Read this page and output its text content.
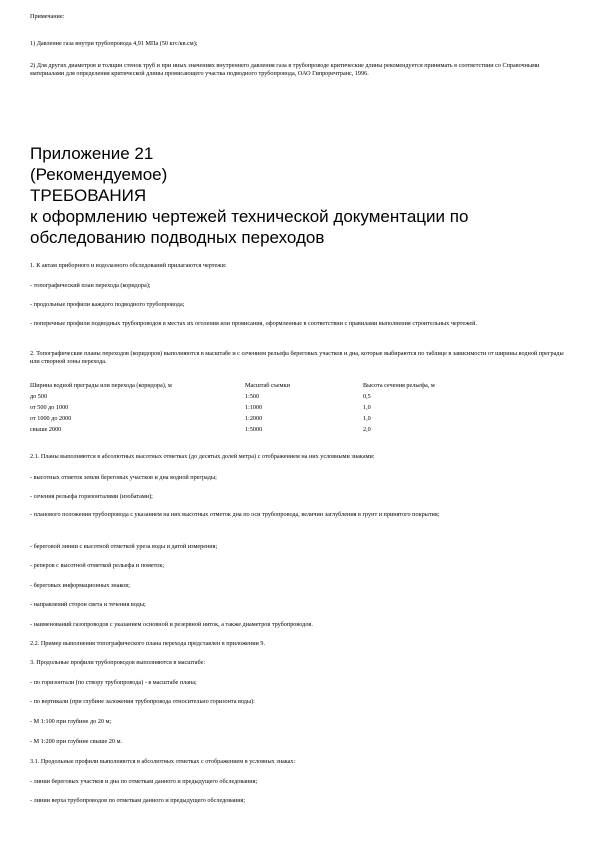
Примечание:
1) Давление газа внутри трубопровода 4,91 МПа (50 кгс/кв.см);
2) Для других диаметров и толщин стенок труб и при иных значениях внутреннего давления газа в трубопроводе критические длины рекомендуется принимать в соответствии со Справочными материалами для определения критической длины провисающего участка подводного трубопровода, ОАО Гипроречтранс, 1996.
Приложение 21
(Рекомендуемое)
ТРЕБОВАНИЯ
к оформлению чертежей технической документации по
обследованию подводных переходов
1. К актам приборного и водолазного обследований прилагаются чертежи:
- топографический план перехода (коридора);
- продольные профили каждого подводного трубопровода;
- поперечные профили подводных трубопроводов в местах их оголения или провисания, оформленные в соответствии с правилами выполнения строительных чертежей.
2. Топографические планы переходов (коридоров) выполняются в масштабе и с сечением рельефа береговых участков и дна, которые выбираются по таблице в зависимости от ширины водной преграды или створной зоны перехода.
Ширина водной преграды или перехода (коридора), м	Масштаб съемки	Высота сечения рельефа, м
до 500	1:500	0,5
от 500 до 1000	1:1000	1,0
от 1000 до 2000	1:2000	1,0
свыше 2000	1:5000	2,0
2.1. Планы выполняются в абсолютных высотных отметках (до десятых долей метра) с отображением на них условными знаками:
- высотных отметок земли береговых участков и дна водной преграды;
- сечения рельефа горизонталями (изобатами);
- планового положения трубопровода с указанием на них высотных отметок дна по оси трубопровода, величин заглубления в грунт и принятого покрытия;
- береговой линии с высотной отметкой уреза воды и датой измерения;
- реперов с высотной отметкой рельефа и пометок;
- береговых информационных знаков;
- направлений сторон света и течения воды;
- наименований газопроводов с указанием основной и резервной ниток, а также диаметров трубопроводов.
2.2. Пример выполнения топографического плана перехода представлен в приложении 9.
3. Продольные профили трубопроводов выполняются в масштабе:
- по горизонтали (по створу трубопровода) - в масштабе плана;
- по вертикали (при глубине заложения трубопровода относительно горизонта воды):
- М 1:100 при глубине до 20 м;
- М 1:200 при глубине свыше 20 м.
3.1. Продольные профили выполняются в абсолютных отметках с отображением в условных знаках:
- линии береговых участков и дна по отметкам данного и предыдущего обследования;
- линии верха трубопроводов по отметкам данного и предыдущего обследования;
